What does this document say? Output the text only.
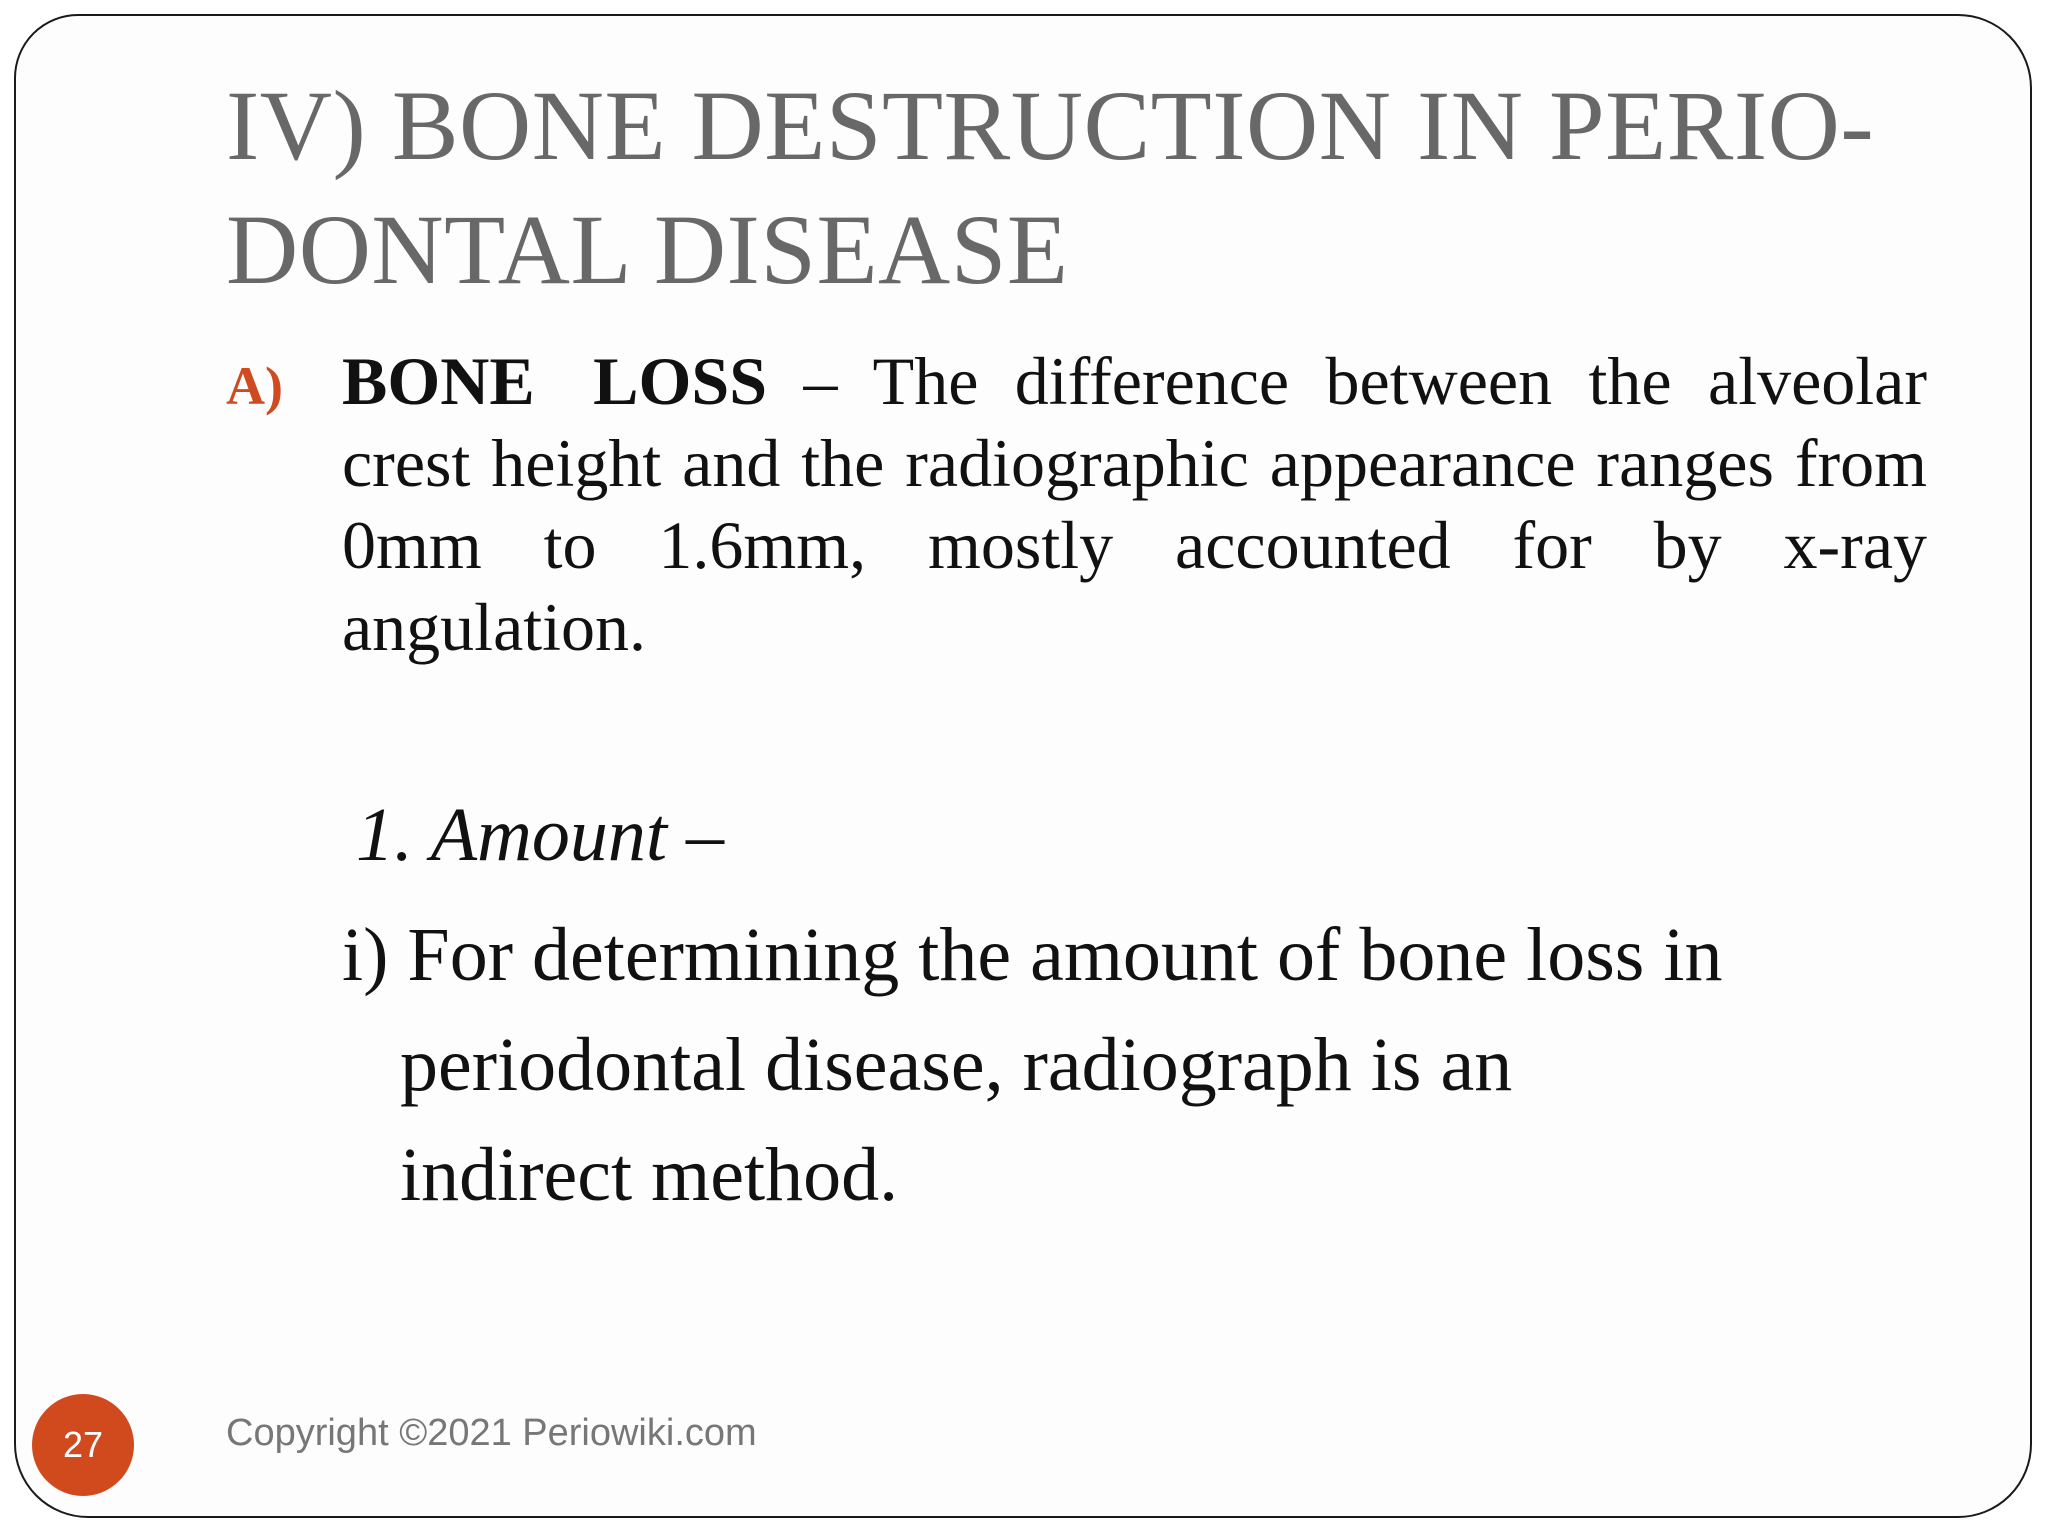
IV) BONE DESTRUCTION IN PERIO-
DONTAL DISEASE
A) BONE LOSS – The difference between the alveolar crest height and the radiographic appearance ranges from 0mm to 1.6mm, mostly accounted for by x-ray angulation.
1. Amount –
i) For determining the amount of bone loss in
periodontal disease, radiograph is an
indirect method.
27	Copyright ©2021 Periowiki.com
